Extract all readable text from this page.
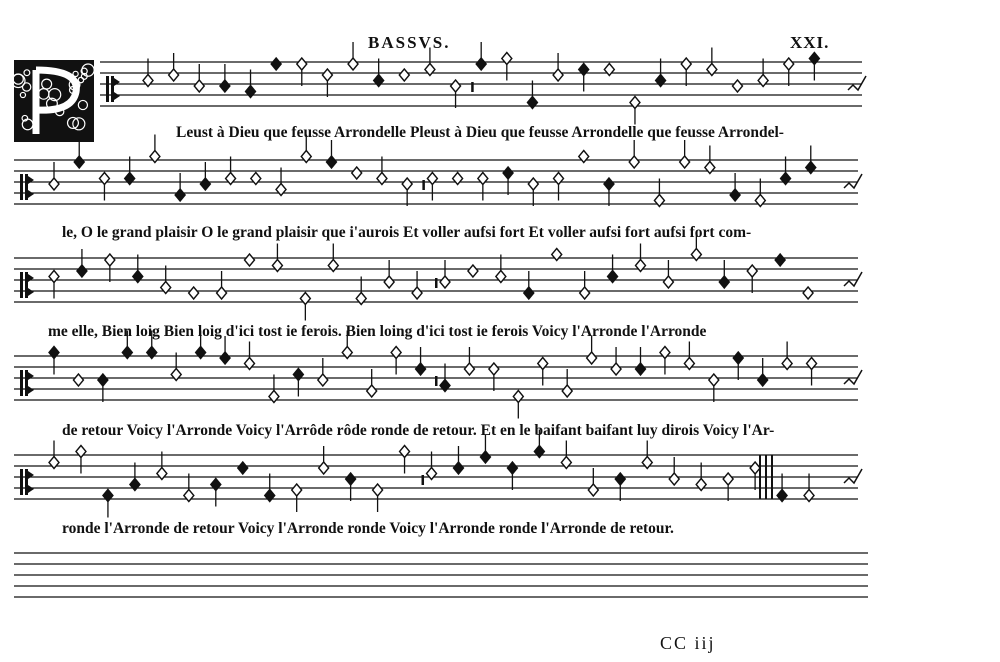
BASSVS.	XXI.
Leust à Dieu que feusse Arrondelle Pleust à Dieu que feusse Arrondelle que feusse Arrondel-
le, O le grand plaisir O le grand plaisir que i'aurois Et voller aufsi fort Et voller aufsi fort aufsi fort com-
me elle, Bien loig Bien loig d'ici tost ie ferois. Bien loing d'ici tost ie ferois Voicy l'Arronde l'Arronde
de retour Voicy l'Arronde Voicy l'Arrôde rôde ronde de retour. Et en le baifant baifant luy dirois Voicy l'Ar-
ronde l'Arronde de retour Voicy l'Arronde ronde Voicy l'Arronde ronde l'Arronde de retour.
CC iij
